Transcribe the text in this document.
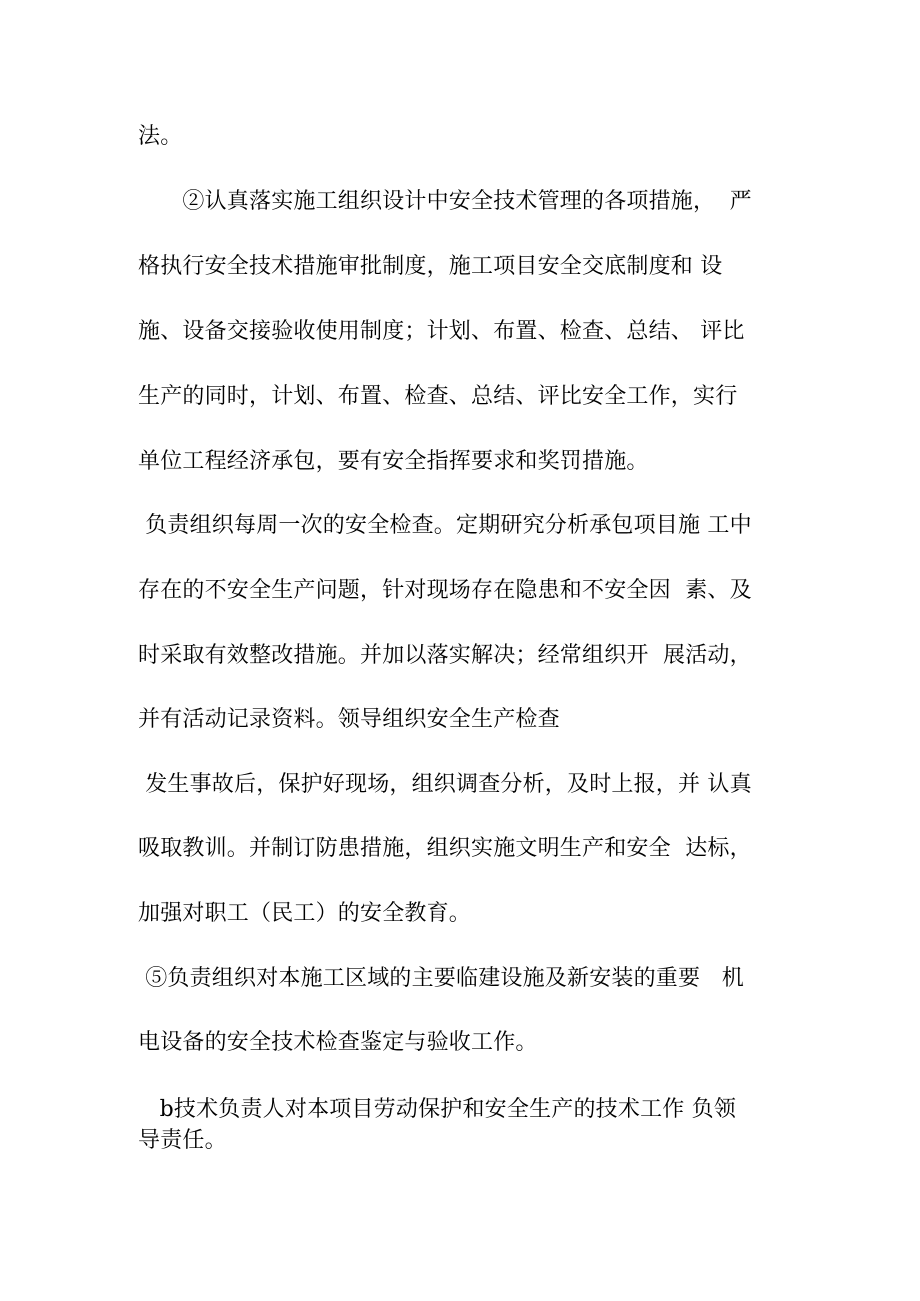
法。

　　②认真落实施工组织设计中安全技术管理的各项措施，  严

格执行安全技术措施审批制度，施工项目安全交底制度和 设

施、设备交接验收使用制度；计划、布置、检查、总结、 评比

生产的同时，计划、布置、检查、总结、评比安全工作，实行

单位工程经济承包，要有安全指挥要求和奖罚措施。

负责组织每周一次的安全检查。定期研究分析承包项目施 工中

存在的不安全生产问题，针对现场存在隐患和不安全因  素、及

时采取有效整改措施。并加以落实解决；经常组织开  展活动，

并有活动记录资料。领导组织安全生产检查

发生事故后，保护好现场，组织调查分析，及时上报，并 认真

吸取教训。并制订防患措施，组织实施文明生产和安全  达标，

加强对职工（民工）的安全教育。

⑤负责组织对本施工区域的主要临建设施及新安装的重要   机

电设备的安全技术检查鉴定与验收工作。

b技术负责人对本项目劳动保护和安全生产的技术工作 负领

导责任。
